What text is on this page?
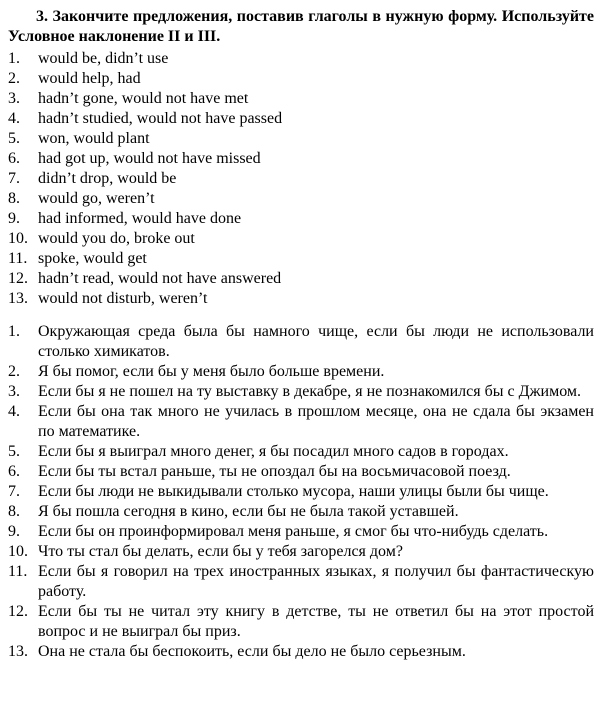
3. Закончите предложения, поставив глаголы в нужную форму. Используйте Условное наклонение II и III.

1.	would be, didn’t use
2.	would help, had
3.	hadn’t gone, would not have met
4.	hadn’t studied, would not have passed
5.	won, would plant
6.	had got up, would not have missed
7.	didn’t drop, would be
8.	would go, weren’t
9.	had informed, would have done
10. would you do, broke out
11. spoke, would get
12. hadn’t read, would not have answered
13. would not disturb, weren’t
1.	Окружающая среда была бы намного чище, если бы люди не использовали столько химикатов.
2.	Я бы помог, если бы у меня было больше времени.
3.	Если бы я не пошел на ту выставку в декабре, я не познакомился бы с Джимом.
4.	Если бы она так много не училась в прошлом месяце, она не сдала бы экзамен по математике.
5.	Если бы я выиграл много денег, я бы посадил много садов в городах.
6.	Если бы ты встал раньше, ты не опоздал бы на восьмичасовой поезд.
7.	Если бы люди не выкидывали столько мусора, наши улицы были бы чище.
8.	Я бы пошла сегодня в кино, если бы не была такой уставшей.
9.	Если бы он проинформировал меня раньше, я смог бы что-нибудь сделать.
10. Что ты стал бы делать, если бы у тебя загорелся дом?
11. Если бы я говорил на трех иностранных языках, я получил бы фантастическую работу.
12. Если бы ты не читал эту книгу в детстве, ты не ответил бы на этот простой вопрос и не выиграл бы приз.
13. Она не стала бы беспокоить, если бы дело не было серьезным.
